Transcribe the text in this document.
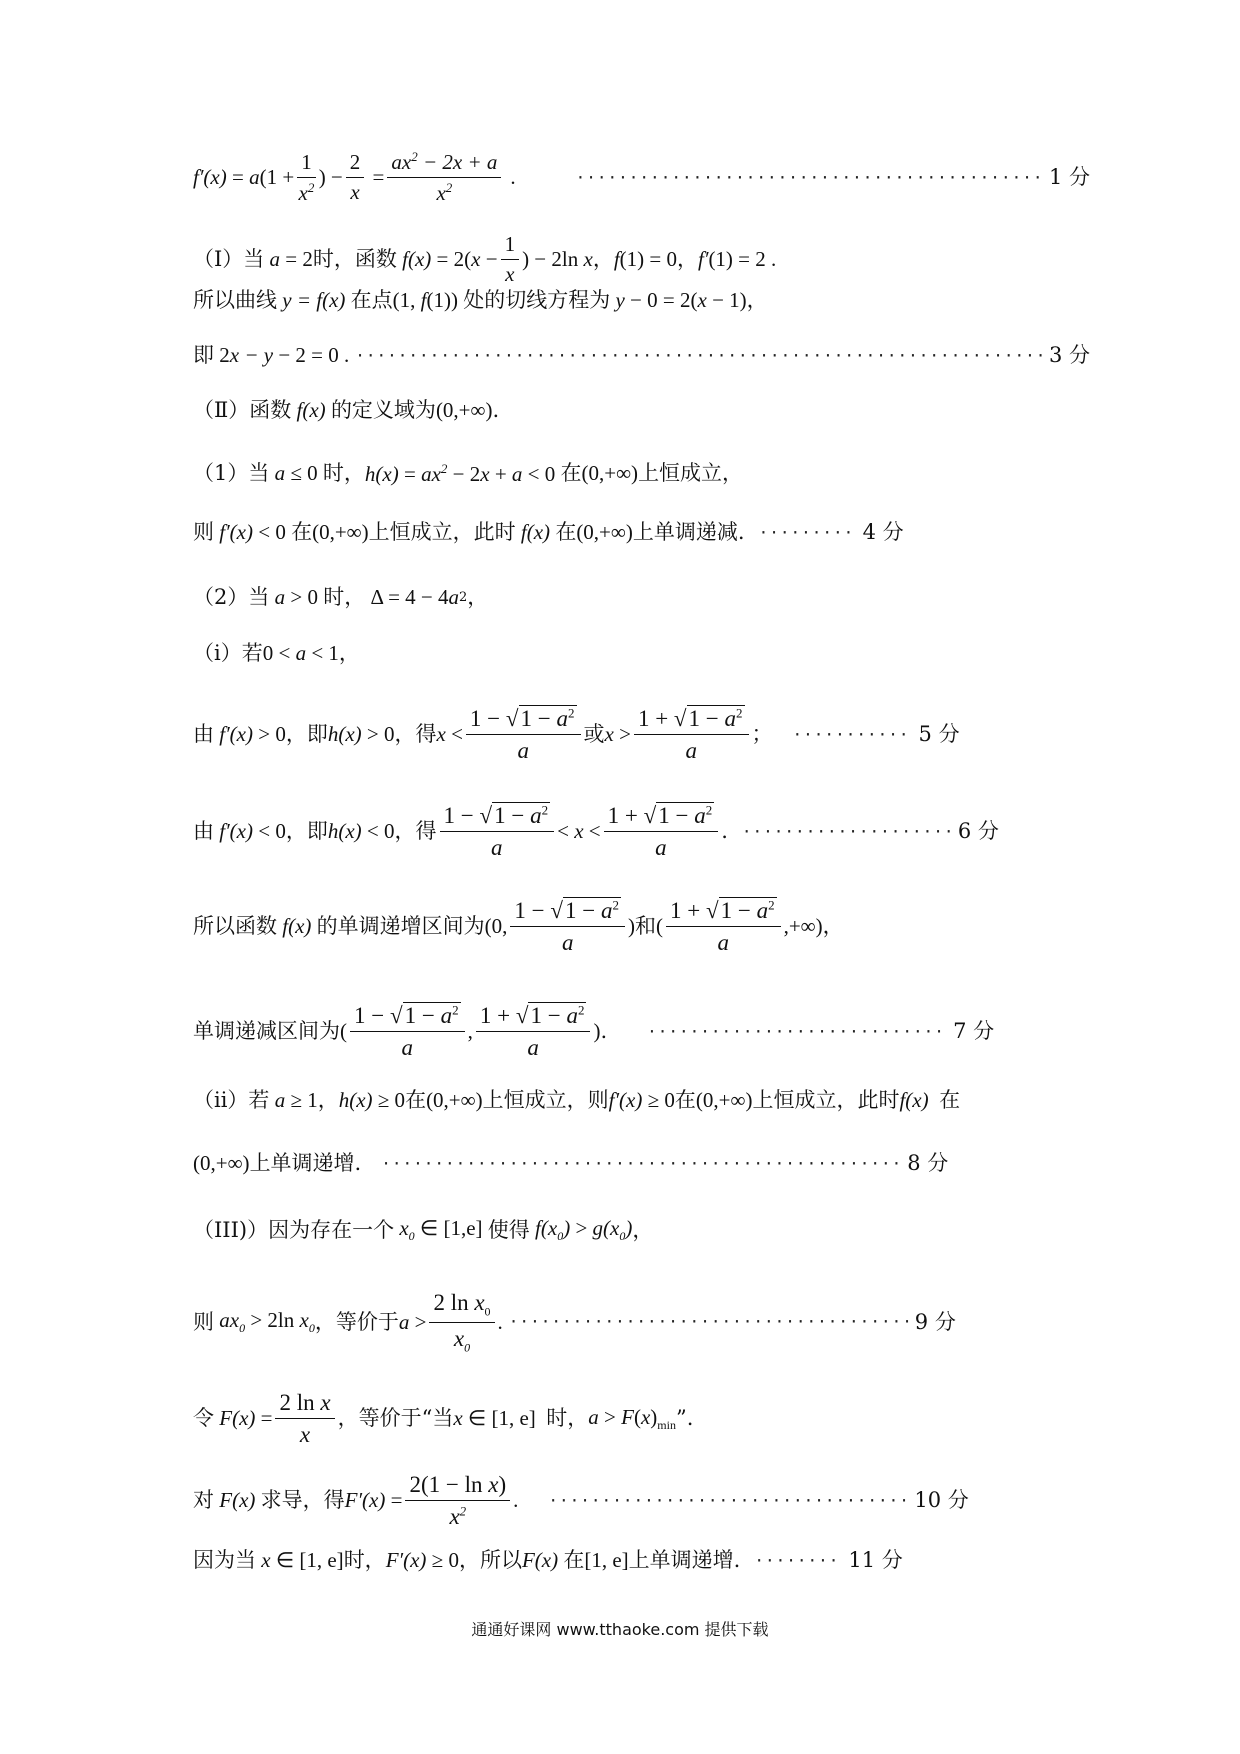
$f'(x) = a(1 + \frac{1}{x^2}$ ) − $\frac{2}{x} = \frac{ax^2 - 2x + a}{x^2}$ . ·····	1 分
（Ⅰ）当 a = 2 时，函数 $f(x) = 2(x - \frac{1}{x}$ ) − 2ln x ， f(1) = 0 ， f′(1) = 2 .
所以曲线 y = f(x) 在点 (1, f(1)) 处的切线方程为 y − 0 = 2(x − 1) ，
即 2x − y − 2 = 0 . ·····	3 分
（Ⅱ）函数 f(x) 的定义域为 (0,+∞) .
（1）当 a ≤ 0 时， $h(x) = ax^2 - 2x + a < 0$ 在 (0,+∞) 上恒成立，
则 f′(x) < 0 在 (0,+∞) 上恒成立，此时 f(x) 在 (0,+∞) 上单调递减. ·····	4 分
（2）当 a > 0 时， Δ = 4 − 4 a 2 ，
（ⅰ）若 0 < a < 1 ，
由 f′(x) > 0 ，即 h(x) > 0 ，得 $x < \frac{1 - √1 - a^2}{a}$ 或 $x > \frac{1 + √1 - a^2}{a}$ ； ·····	5 分
由 f′(x) < 0 ，即 h(x) < 0 ，得 $\frac{1 - √1 - a^2}{a} < x < \frac{1 + √1 - a^2}{a}$ . ·····	6 分
所以函数 f(x) 的单调递增区间为 (0, $\frac{1 - √1 - a^2}{a}$ ) 和 ( $\frac{1 + √1 - a^2}{a}$ ,+∞) ，
单调递减区间为 ( $\frac{1 - √1 - a^2}{a}$ , $\frac{1 + √1 - a^2}{a}$ ) . ·····	7 分
（ⅱ）若 a ≥ 1 ， h(x) ≥ 0 在 (0,+∞) 上恒成立，则 f′(x) ≥ 0 在 (0,+∞) 上恒成立，此时 f(x) 在
(0,+∞) 上单调递增. ·····	8 分
（III)）因为存在一个 $x_0$ ∈ [1,e] 使得 $f(x_0) > g(x_0)$ ，
则 $ax_0 > 2\ln$ $x_0$ ，等价于 $a > \frac{2 \ln x_0}{x_0}$ . ·····	9 分
令 $F(x) = \frac{\text{2 ln x}}{x}$ ，等价于“当 x ∈ [1, e] 时， $a > F(x)_{min}$ ”.
对 F(x) 求导，得 $F'(x) = \frac{\text{2(1 − ln x)}}{x^2}$ . ·····	10 分
因为当 x ∈ [1, e] 时， F′(x) ≥ 0 ，所以 F(x) 在 [1, e] 上单调递增. ·····	11 分
通通好课网 www.tthaoke.com 提供下载
